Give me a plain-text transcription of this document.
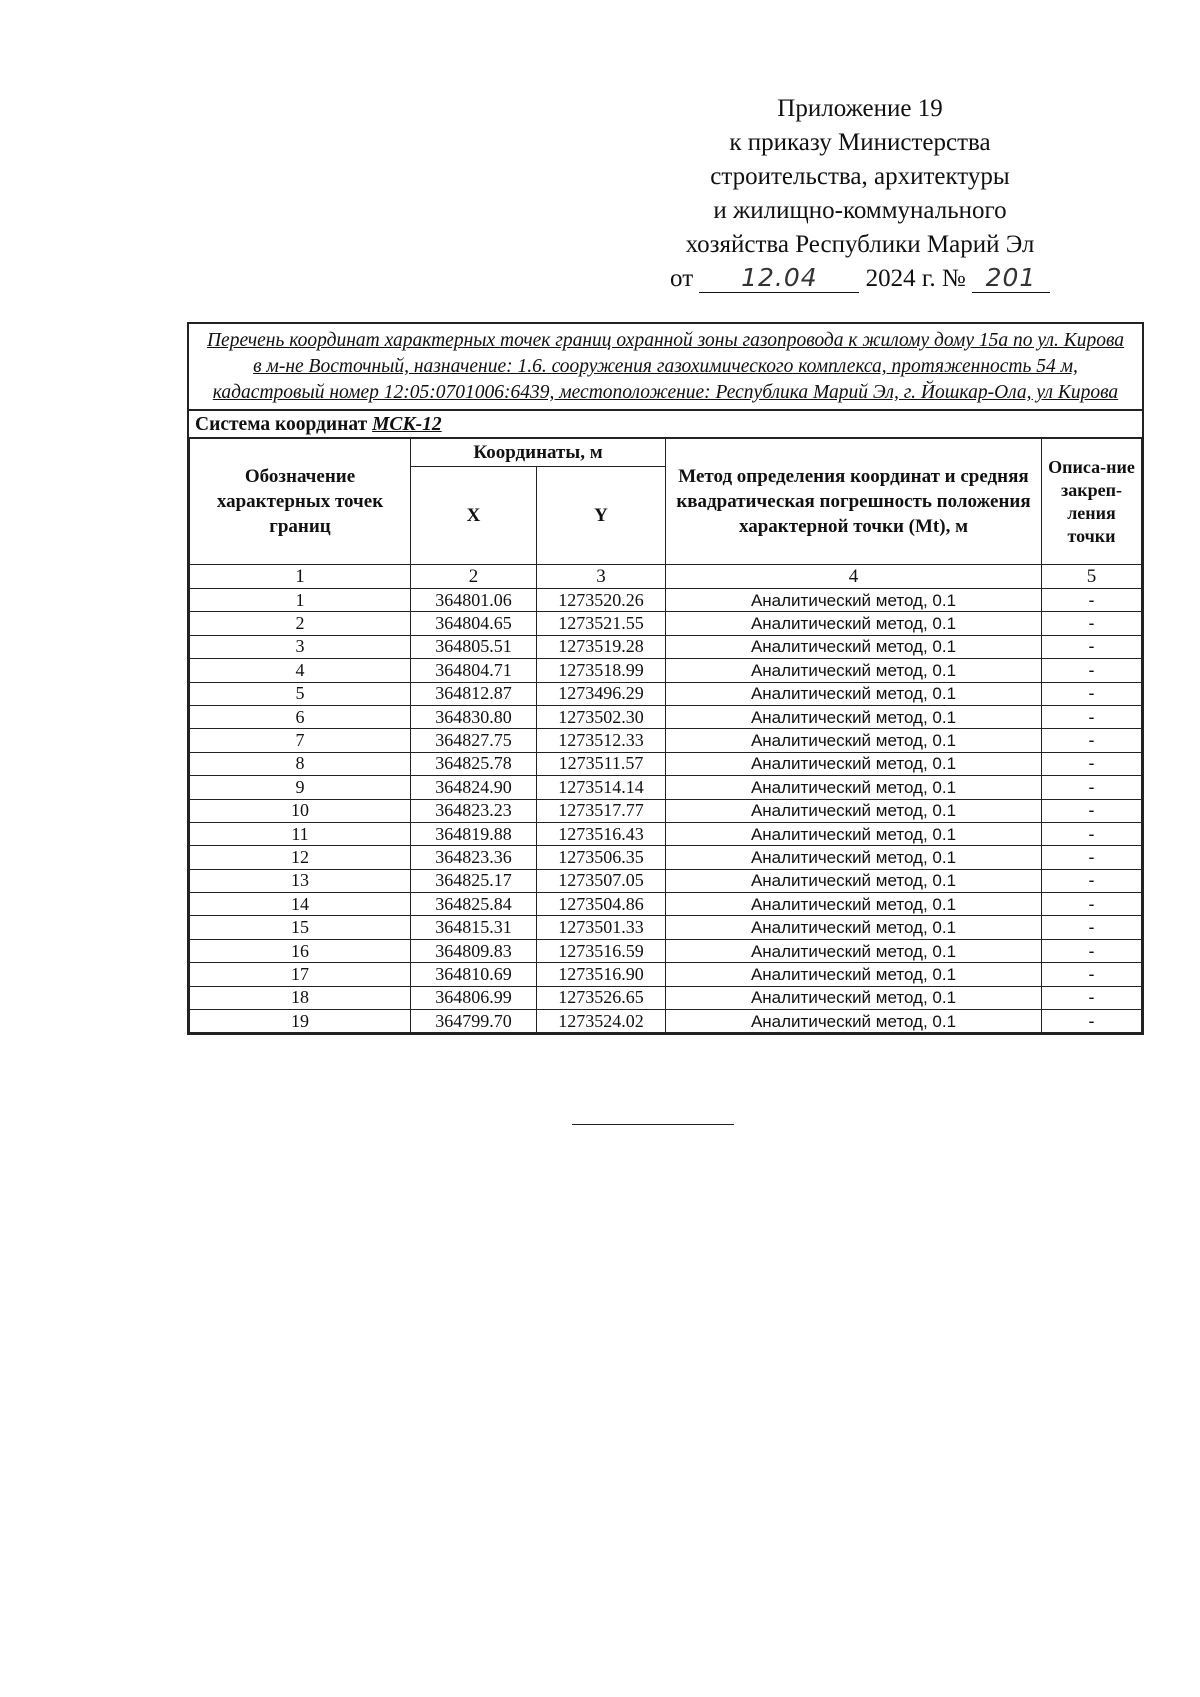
Приложение 19
к приказу Министерства
строительства, архитектуры
и жилищно-коммунального
хозяйства Республики Марий Эл
от 12.04 2024 г. № 201
Перечень координат характерных точек границ охранной зоны газопровода к жилому дому 15а по ул. Кирова в м-не Восточный, назначение: 1.6. сооружения газохимического комплекса, протяженность 54 м, кадастровый номер 12:05:0701006:6439, местоположение: Республика Марий Эл, г. Йошкар-Ола, ул Кирова
Система координат МСК-12
Обозначение характерных точек границ	Координаты, м		Метод определения координат и средняя квадратическая погрешность положения характерной точки (Mt), м	Описа-ние закреп-ления точки
	X	Y		
1	2	3	4	5
1	364801.06	1273520.26	Аналитический метод, 0.1	-
2	364804.65	1273521.55	Аналитический метод, 0.1	-
3	364805.51	1273519.28	Аналитический метод, 0.1	-
4	364804.71	1273518.99	Аналитический метод, 0.1	-
5	364812.87	1273496.29	Аналитический метод, 0.1	-
6	364830.80	1273502.30	Аналитический метод, 0.1	-
7	364827.75	1273512.33	Аналитический метод, 0.1	-
8	364825.78	1273511.57	Аналитический метод, 0.1	-
9	364824.90	1273514.14	Аналитический метод, 0.1	-
10	364823.23	1273517.77	Аналитический метод, 0.1	-
11	364819.88	1273516.43	Аналитический метод, 0.1	-
12	364823.36	1273506.35	Аналитический метод, 0.1	-
13	364825.17	1273507.05	Аналитический метод, 0.1	-
14	364825.84	1273504.86	Аналитический метод, 0.1	-
15	364815.31	1273501.33	Аналитический метод, 0.1	-
16	364809.83	1273516.59	Аналитический метод, 0.1	-
17	364810.69	1273516.90	Аналитический метод, 0.1	-
18	364806.99	1273526.65	Аналитический метод, 0.1	-
19	364799.70	1273524.02	Аналитический метод, 0.1	-
